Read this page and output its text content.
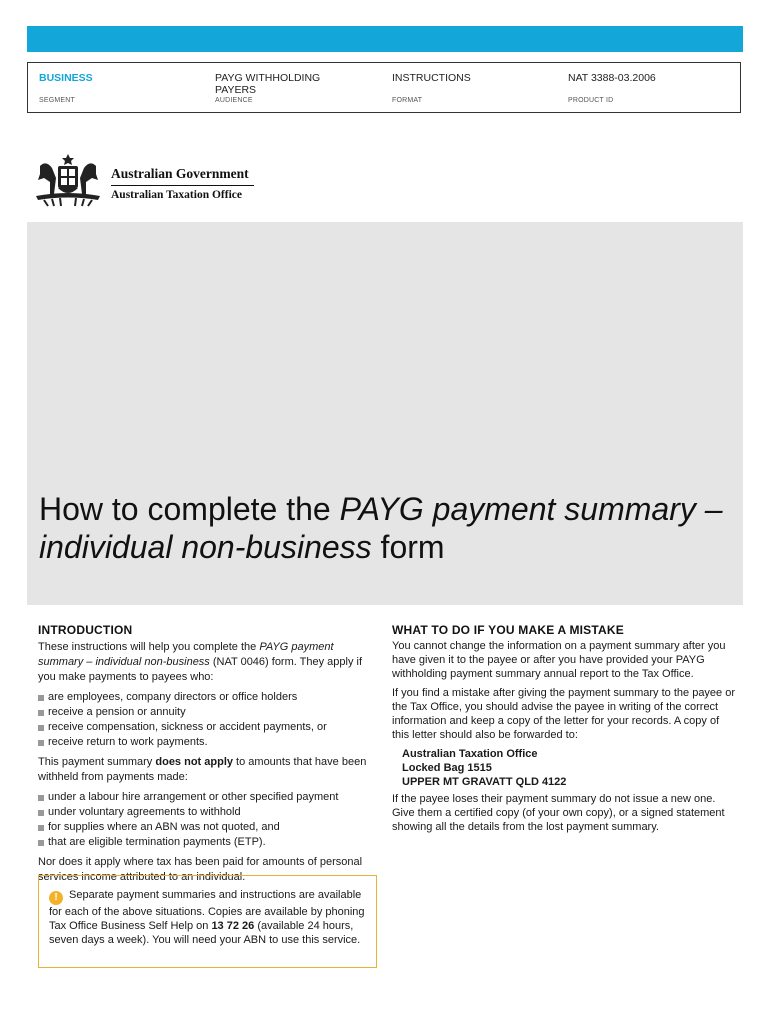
BUSINESS
SEGMENT
PAYG WITHHOLDING PAYERS
AUDIENCE
INSTRUCTIONS
FORMAT
NAT 3388-03.2006
PRODUCT ID
Australian Government
Australian Taxation Office
How to complete the PAYG payment summary – individual non-business form
INTRODUCTION

These instructions will help you complete the PAYG payment summary – individual non-business (NAT 0046) form. They apply if you make payments to payees who:

are employees, company directors or office holders
receive a pension or annuity
receive compensation, sickness or accident payments, or
receive return to work payments.

This payment summary does not apply to amounts that have been withheld from payments made:

under a labour hire arrangement or other specified payment
under voluntary agreements to withhold
for supplies where an ABN was not quoted, and
that are eligible termination payments (ETP).

Nor does it apply where tax has been paid for amounts of personal services income attributed to an individual.

! Separate payment summaries and instructions are available for each of the above situations. Copies are available by phoning Tax Office Business Self Help on 13 72 26 (available 24 hours, seven days a week). You will need your ABN to use this service.
WHAT TO DO IF YOU MAKE A MISTAKE

You cannot change the information on a payment summary after you have given it to the payee or after you have provided your PAYG withholding payment summary annual report to the Tax Office.

If you find a mistake after giving the payment summary to the payee or the Tax Office, you should advise the payee in writing of the correct information and keep a copy of the letter for your records. A copy of this letter should also be forwarded to:

Australian Taxation Office
Locked Bag 1515
UPPER MT GRAVATT QLD 4122

If the payee loses their payment summary do not issue a new one. Give them a certified copy (of your own copy), or a signed statement showing all the details from the lost payment summary.
